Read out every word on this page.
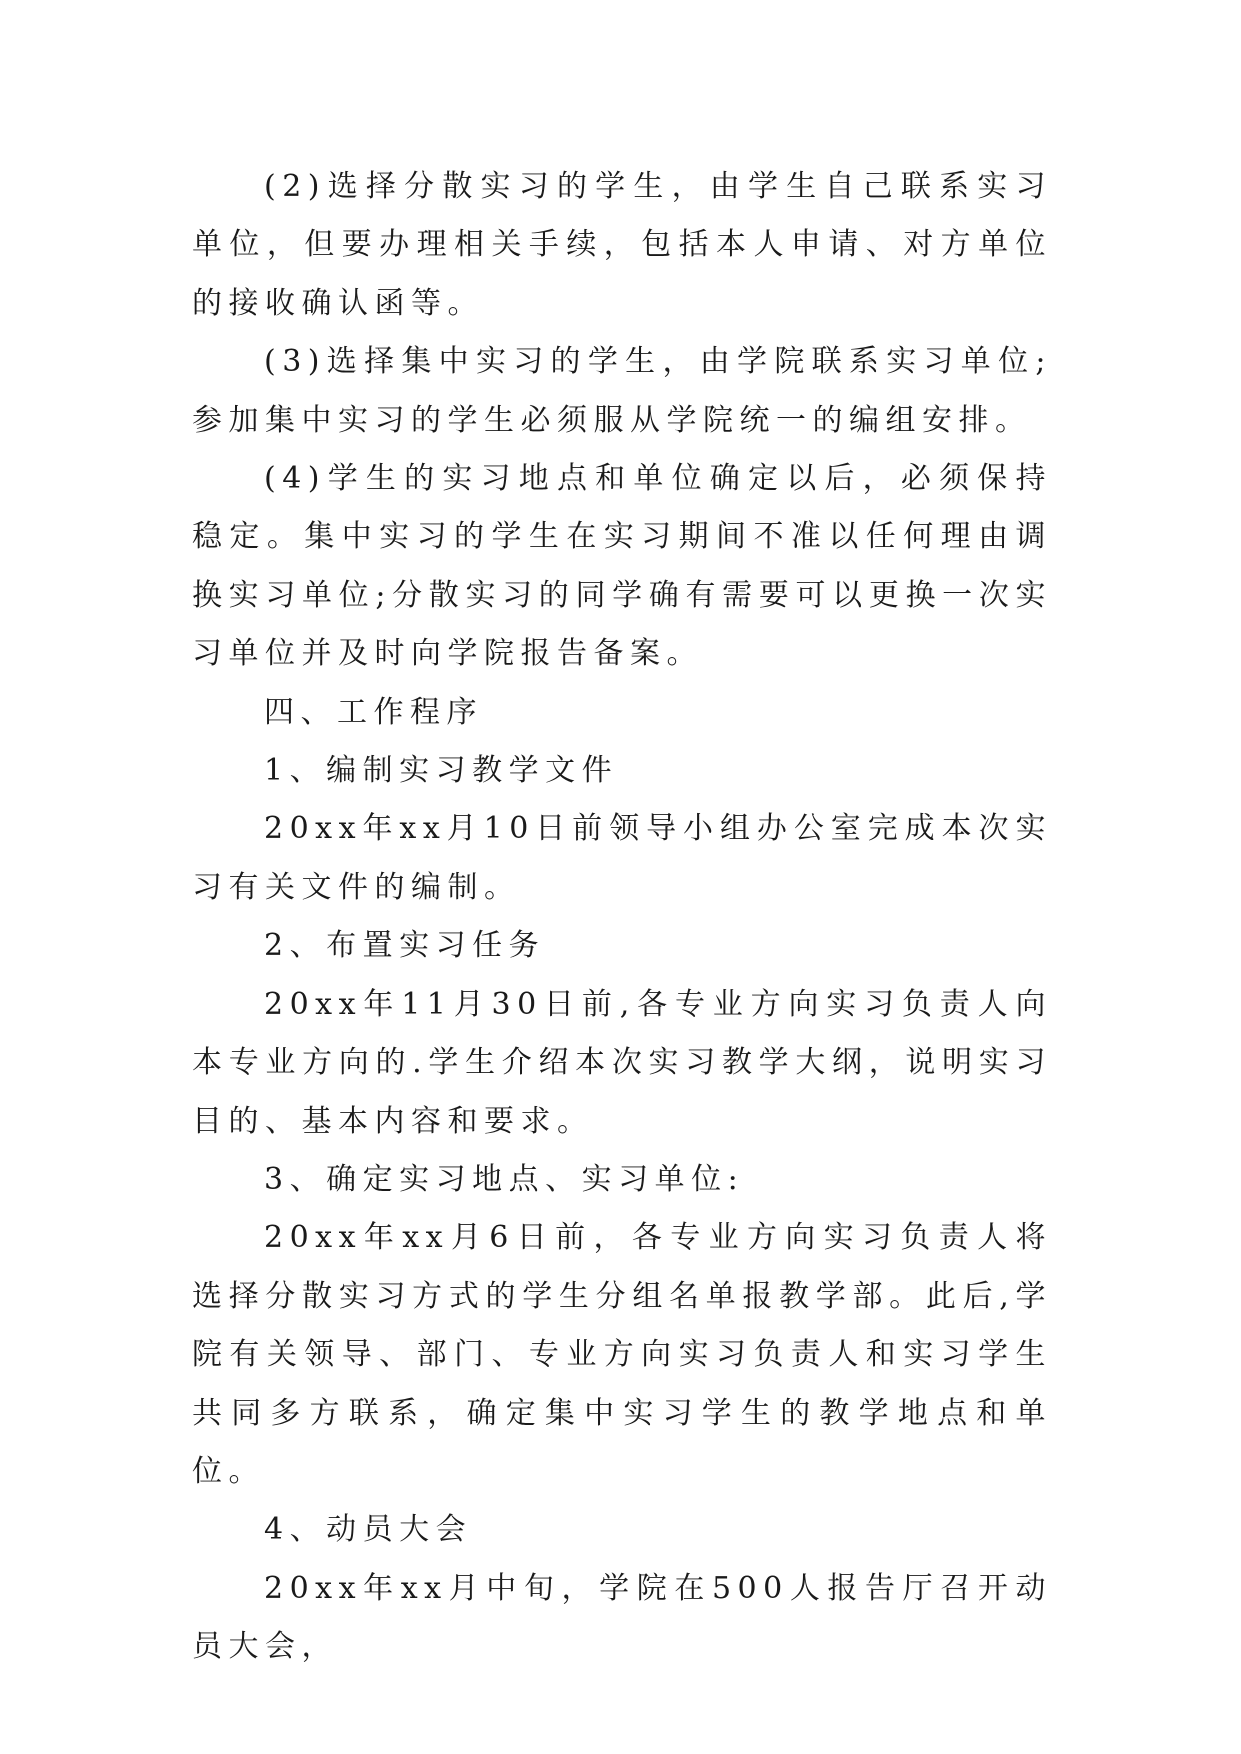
(2)选择分散实习的学生，由学生自己联系实习单位，但要办理相关手续，包括本人申请、对方单位的接收确认函等。

(3)选择集中实习的学生，由学院联系实习单位;参加集中实习的学生必须服从学院统一的编组安排。

(4)学生的实习地点和单位确定以后，必须保持稳定。集中实习的学生在实习期间不准以任何理由调换实习单位;分散实习的同学确有需要可以更换一次实习单位并及时向学院报告备案。

四、工作程序

1、编制实习教学文件

20xx年xx月10日前领导小组办公室完成本次实习有关文件的编制。

2、布置实习任务

20xx年11月30日前,各专业方向实习负责人向本专业方向的.学生介绍本次实习教学大纲，说明实习目的、基本内容和要求。

3、确定实习地点、实习单位:

20xx年xx月6日前，各专业方向实习负责人将选择分散实习方式的学生分组名单报教学部。此后,学院有关领导、部门、专业方向实习负责人和实习学生共同多方联系，确定集中实习学生的教学地点和单位。

4、动员大会

20xx年xx月中旬，学院在500人报告厅召开动员大会，
